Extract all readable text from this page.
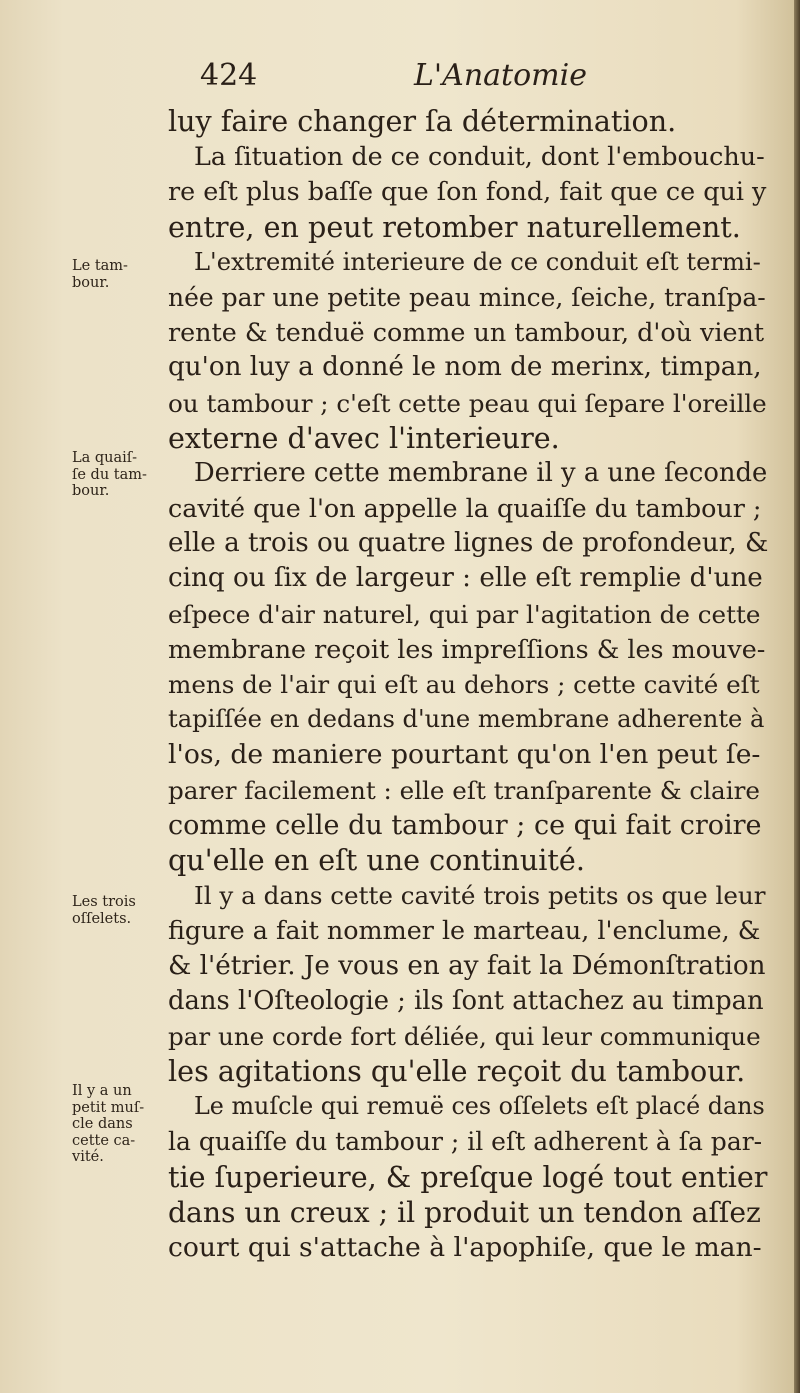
424	L'Anatomie
Le tam-
bour.
La quaiſ-
ſe du tam-
bour.
Les trois
oſſelets.
Il y a un
petit muſ-
cle dans
cette ca-
vité.
luy faire changer ſa détermination.
La ſituation de ce conduit, dont l'embouchu-
re eſt plus baſſe que ſon fond, fait que ce qui y
entre, en peut retomber naturellement.
L'extremité interieure de ce conduit eſt termi-
née par une petite peau mince, ſeiche, tranſpa-
rente & tenduë comme un tambour, d'où vient
qu'on luy a donné le nom de merinx, timpan,
ou tambour ; c'eſt cette peau qui ſepare l'oreille
externe d'avec l'interieure.
Derriere cette membrane il y a une ſeconde
cavité que l'on appelle la quaiſſe du tambour ;
elle a trois ou quatre lignes de profondeur, &
cinq ou ſix de largeur : elle eſt remplie d'une
eſpece d'air naturel, qui par l'agitation de cette
membrane reçoit les impreſſions & les mouve-
mens de l'air qui eſt au dehors ; cette cavité eſt
tapiſſée en dedans d'une membrane adherente à
l'os, de maniere pourtant qu'on l'en peut ſe-
parer facilement : elle eſt tranſparente & claire
comme celle du tambour ; ce qui fait croire
qu'elle en eſt une continuité.
Il y a dans cette cavité trois petits os que leur
figure a fait nommer le marteau, l'enclume, &
& l'étrier. Je vous en ay fait la Démonſtration
dans l'Oſteologie ; ils ſont attachez au timpan
par une corde fort déliée, qui leur communique
les agitations qu'elle reçoit du tambour.
Le muſcle qui remuë ces oſſelets eſt placé dans
la quaiſſe du tambour ; il eſt adherent à ſa par-
tie ſuperieure, & preſque logé tout entier
dans un creux ; il produit un tendon aſſez
court qui s'attache à l'apophiſe, que le man-
